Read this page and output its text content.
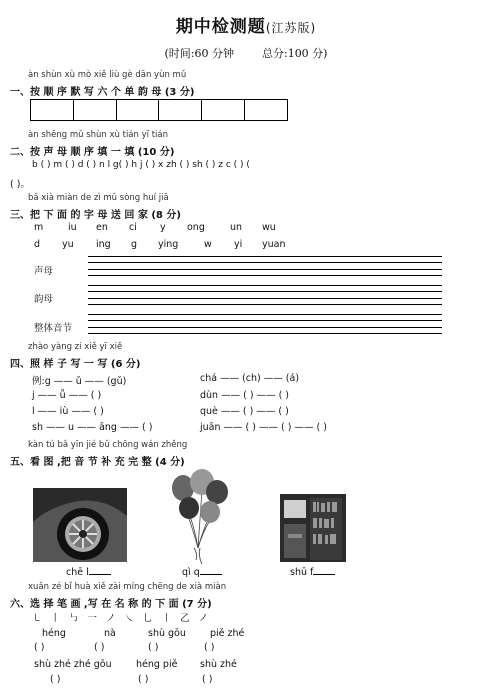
期中检测题(江苏版)
(时间:60 分钟	总分:100 分)
àn shùn xù mò xiě liù gè dān yùn mǔ
一、按 顺 序 默 写 六 个 单 韵 母 (3 分)
àn shēng mǔ shùn xù tián yī tián
二、按 声 母 顺 序 填 一 填 (10 分)
b ( ) m ( ) d ( ) n l g( ) h j ( ) x zh ( ) sh ( ) z c ( ) (
( )。
bǎ xià miàn de zì mǔ sòng huí jiā
三、把 下 面 的 字 母 送 回 家 (8 分)
m	iu en ci y ong	un wu
d yu ing g ying	w yi yuan
声母
韵母
整体音节
zhào yàng zi xiě yī xiě
四、照 样 子 写 一 写 (6 分)
例:g —— ǔ —— (gǔ)
j —— ǚ —— ( )
l —— iù —— ( )
sh —— u —— āng —— ( )
chá —— (ch) —— (á)
dùn —— ( ) —— ( )
què —— ( ) —— ( )
juān —— ( ) —— ( ) —— ( )
kàn tú bǎ yīn jié bǔ chōng wán zhěng
五、看 图 ,把 音 节 补 充 完 整 (4 分)
chē l	qì q	shū f
xuǎn zé bǐ huà xiě zài míng chēng de xià miàn
六、选 择 笔 画 ,写 在 名 称 的 下 面 (7 分)
㇄ 丨 ㇉ 一 ノ ㇏ 乚 丨 乙 ノ
héng	nà	shù gōu	piě zhé
( )	( )	( )	( )
shù zhé zhé gōu	héng piě shù zhé
( )	( )	( )
